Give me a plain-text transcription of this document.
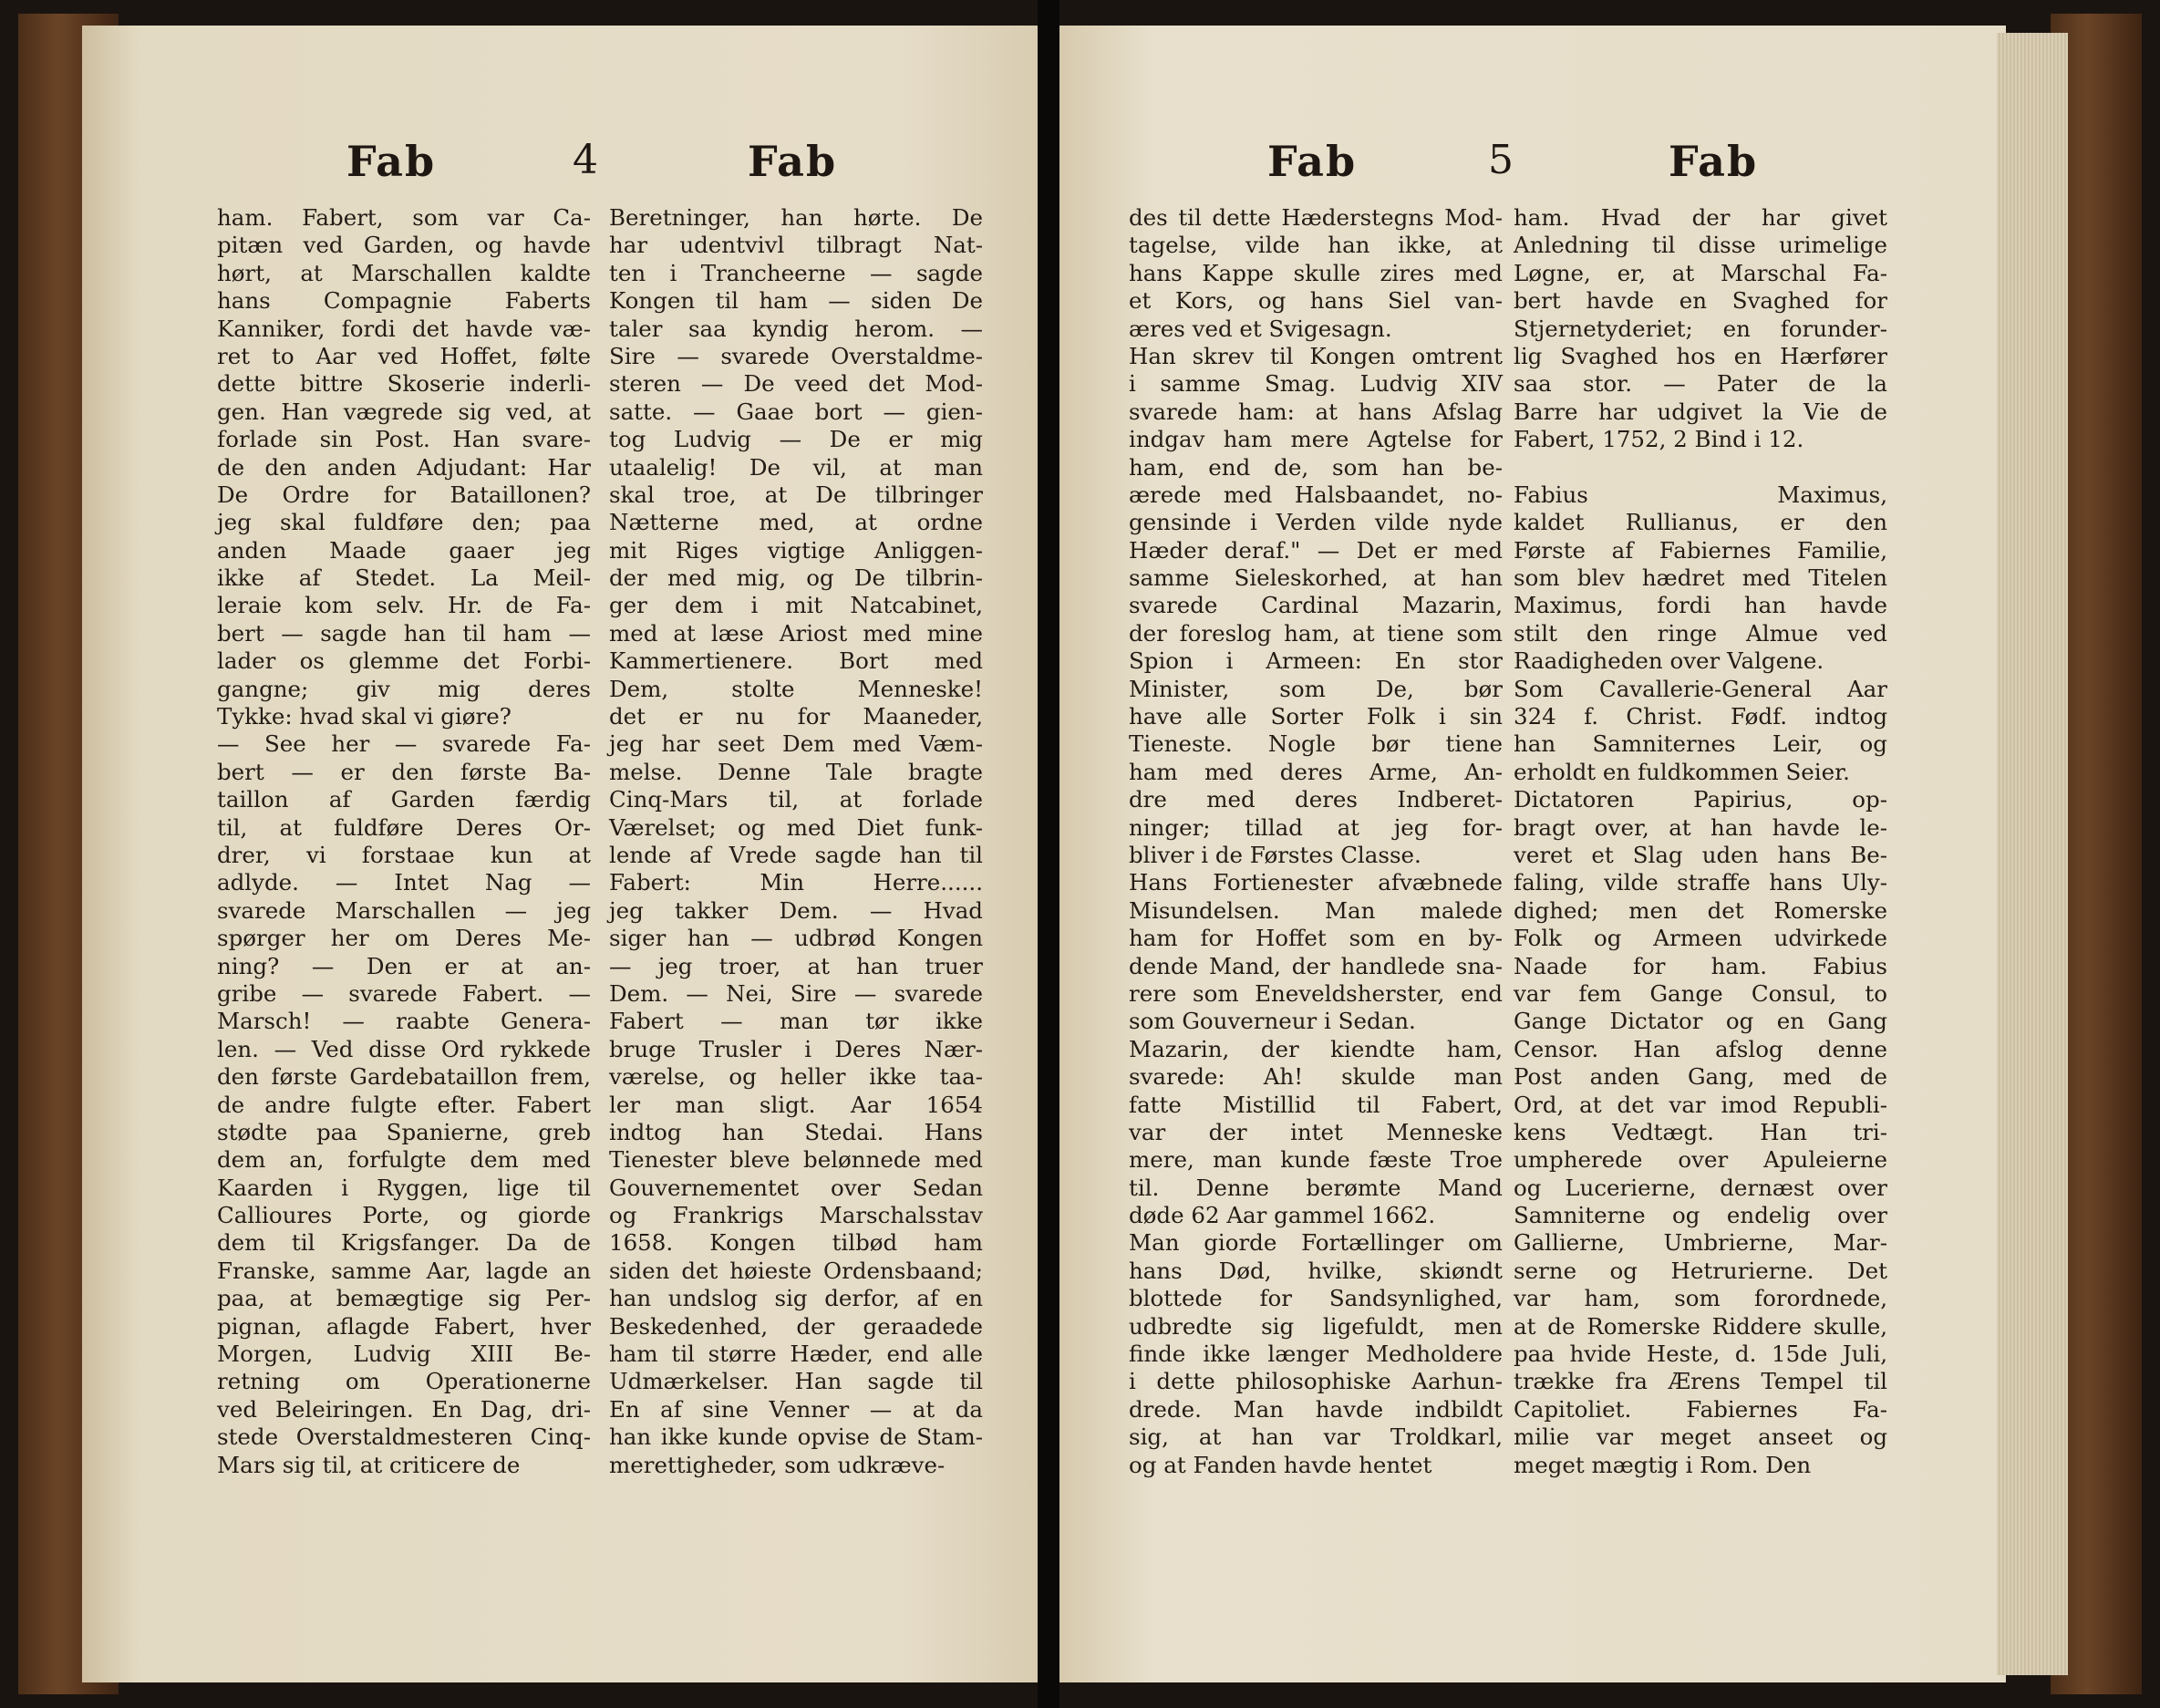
Fab	4	Fab	Fab	5	Fab
ham. Fabert, som var Ca-
pitæn ved Garden, og havde
hørt, at Marschallen kaldte
hans Compagnie Faberts
Kanniker, fordi det havde væ-
ret to Aar ved Hoffet, følte
dette bittre Skoserie inderli-
gen. Han vægrede sig ved, at
forlade sin Post. Han svare-
de den anden Adjudant: Har
De Ordre for Bataillonen?
jeg skal fuldføre den; paa
anden Maade gaaer jeg
ikke af Stedet. La Meil-
leraie kom selv. Hr. de Fa-
bert — sagde han til ham —
lader os glemme det Forbi-
gangne; giv mig deres
Tykke: hvad skal vi giøre?
— See her — svarede Fa-
bert — er den første Ba-
taillon af Garden færdig
til, at fuldføre Deres Or-
drer, vi forstaae kun at
adlyde. — Intet Nag —
svarede Marschallen — jeg
spørger her om Deres Me-
ning? — Den er at an-
gribe — svarede Fabert. —
Marsch! — raabte Genera-
len. — Ved disse Ord rykkede
den første Gardebataillon frem,
de andre fulgte efter. Fabert
stødte paa Spanierne, greb
dem an, forfulgte dem med
Kaarden i Ryggen, lige til
Callioures Porte, og giorde
dem til Krigsfanger. Da de
Franske, samme Aar, lagde an
paa, at bemægtige sig Per-
pignan, aflagde Fabert, hver
Morgen, Ludvig XIII Be-
retning om Operationerne
ved Beleiringen. En Dag, dri-
stede Overstaldmesteren Cinq-
Mars sig til, at criticere de
Beretninger, han hørte. De
har udentvivl tilbragt Nat-
ten i Trancheerne — sagde
Kongen til ham — siden De
taler saa kyndig herom. —
Sire — svarede Overstaldme-
steren — De veed det Mod-
satte. — Gaae bort — gien-
tog Ludvig — De er mig
utaalelig! De vil, at man
skal troe, at De tilbringer
Nætterne med, at ordne
mit Riges vigtige Anliggen-
der med mig, og De tilbrin-
ger dem i mit Natcabinet,
med at læse Ariost med mine
Kammertienere. Bort med
Dem, stolte Menneske!
det er nu for Maaneder,
jeg har seet Dem med Væm-
melse. Denne Tale bragte
Cinq-Mars til, at forlade
Værelset; og med Diet funk-
lende af Vrede sagde han til
Fabert: Min Herre......
jeg takker Dem. — Hvad
siger han — udbrød Kongen
— jeg troer, at han truer
Dem. — Nei, Sire — svarede
Fabert — man tør ikke
bruge Trusler i Deres Nær-
værelse, og heller ikke taa-
ler man sligt. Aar 1654
indtog han Stedai. Hans
Tienester bleve belønnede med
Gouvernementet over Sedan
og Frankrigs Marschalsstav
1658. Kongen tilbød ham
siden det høieste Ordensbaand;
han undslog sig derfor, af en
Beskedenhed, der geraadede
ham til større Hæder, end alle
Udmærkelser. Han sagde til
En af sine Venner — at da
han ikke kunde opvise de Stam-
merettigheder, som udkræve-
des til dette Hæderstegns Mod-
tagelse, vilde han ikke, at
hans Kappe skulle zires med
et Kors, og hans Siel van-
æres ved et Svigesagn.
Han skrev til Kongen omtrent
i samme Smag. Ludvig XIV
svarede ham: at hans Afslag
indgav ham mere Agtelse for
ham, end de, som han be-
ærede med Halsbaandet, no-
gensinde i Verden vilde nyde
Hæder deraf." — Det er med
samme Sieleskorhed, at han
svarede Cardinal Mazarin,
der foreslog ham, at tiene som
Spion i Armeen: En stor
Minister, som De, bør
have alle Sorter Folk i sin
Tieneste. Nogle bør tiene
ham med deres Arme, An-
dre med deres Indberet-
ninger; tillad at jeg for-
bliver i de Førstes Classe.
Hans Fortienester afvæbnede
Misundelsen. Man malede
ham for Hoffet som en by-
dende Mand, der handlede sna-
rere som Eneveldsherster, end
som Gouverneur i Sedan.
Mazarin, der kiendte ham,
svarede: Ah! skulde man
fatte Mistillid til Fabert,
var der intet Menneske
mere, man kunde fæste Troe
til. Denne berømte Mand
døde 62 Aar gammel 1662.
Man giorde Fortællinger om
hans Død, hvilke, skiøndt
blottede for Sandsynlighed,
udbredte sig ligefuldt, men
finde ikke længer Medholdere
i dette philosophiske Aarhun-
drede. Man havde indbildt
sig, at han var Troldkarl,
og at Fanden havde hentet
ham. Hvad der har givet
Anledning til disse urimelige
Løgne, er, at Marschal Fa-
bert havde en Svaghed for
Stjernetyderiet; en forunder-
lig Svaghed hos en Hærfører
saa stor. — Pater de la
Barre har udgivet la Vie de
Fabert, 1752, 2 Bind i 12.

Fabius Maximus,
kaldet Rullianus, er den
Første af Fabiernes Familie,
som blev hædret med Titelen
Maximus, fordi han havde
stilt den ringe Almue ved
Raadigheden over Valgene.
Som Cavallerie-General Aar
324 f. Christ. Fødf. indtog
han Samniternes Leir, og
erholdt en fuldkommen Seier.
Dictatoren Papirius, op-
bragt over, at han havde le-
veret et Slag uden hans Be-
faling, vilde straffe hans Uly-
dighed; men det Romerske
Folk og Armeen udvirkede
Naade for ham. Fabius
var fem Gange Consul, to
Gange Dictator og en Gang
Censor. Han afslog denne
Post anden Gang, med de
Ord, at det var imod Republi-
kens Vedtægt. Han tri-
umpherede over Apuleierne
og Lucerierne, dernæst over
Samniterne og endelig over
Gallierne, Umbrierne, Mar-
serne og Hetrurierne. Det
var ham, som forordnede,
at de Romerske Riddere skulle,
paa hvide Heste, d. 15de Juli,
trække fra Ærens Tempel til
Capitoliet. Fabiernes Fa-
milie var meget anseet og
meget mægtig i Rom. Den
